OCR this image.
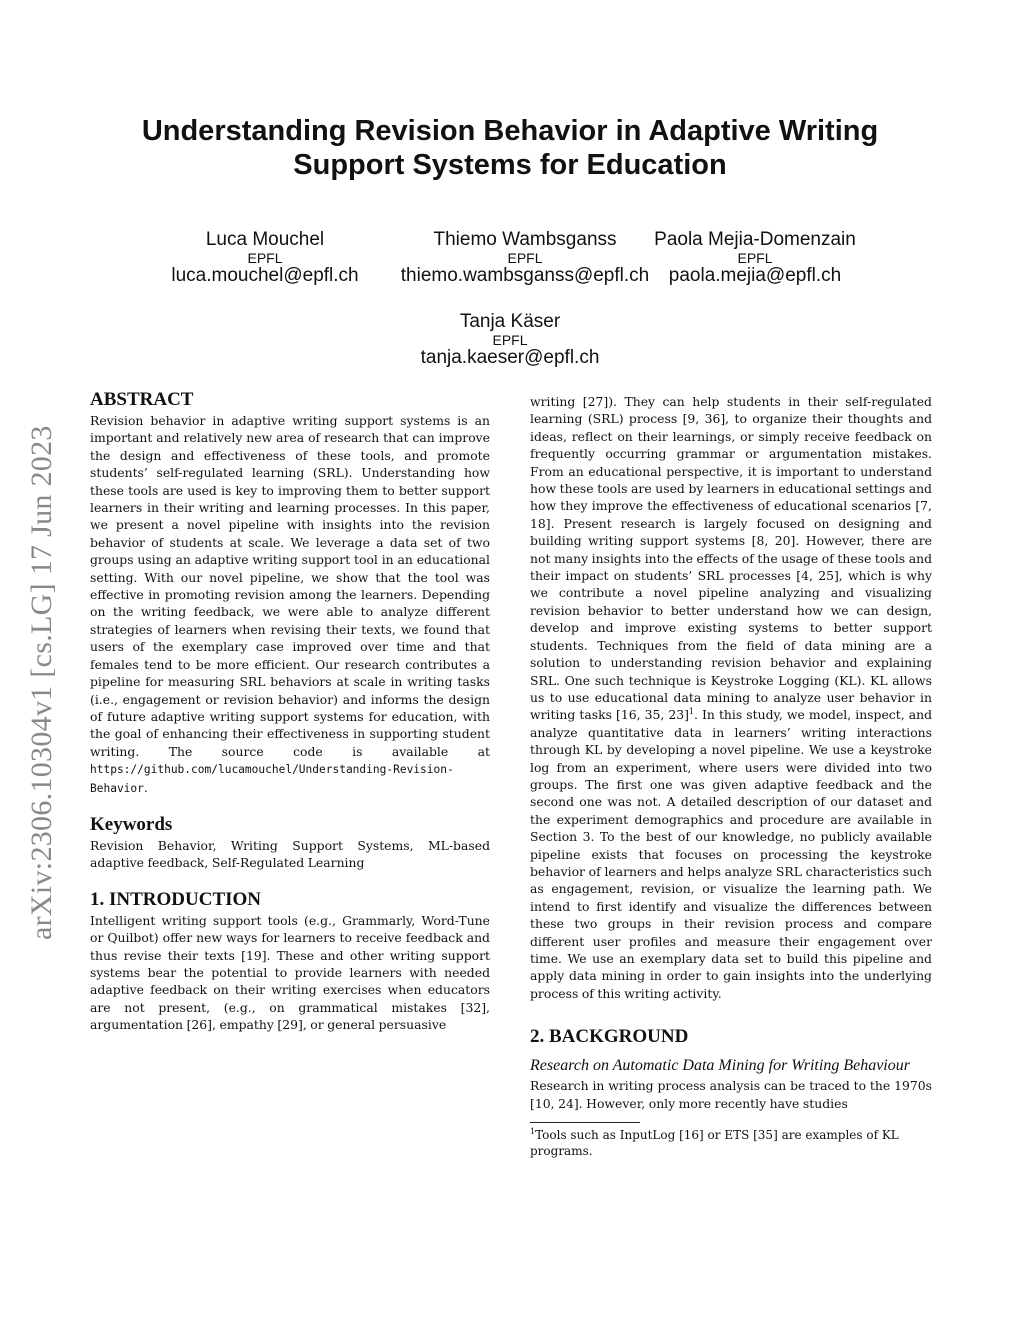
arXiv:2306.10304v1 [cs.LG] 17 Jun 2023
Understanding Revision Behavior in Adaptive Writing Support Systems for Education
Luca Mouchel
EPFL
luca.mouchel@epfl.ch
Thiemo Wambsganss
EPFL
thiemo.wambsganss@epfl.ch
Paola Mejia-Domenzain
EPFL
paola.mejia@epfl.ch
Tanja Käser
EPFL
tanja.kaeser@epfl.ch
ABSTRACT
Revision behavior in adaptive writing support systems is an important and relatively new area of research that can improve the design and effectiveness of these tools, and promote students’ self-regulated learning (SRL). Understanding how these tools are used is key to improving them to better support learners in their writing and learning processes. In this paper, we present a novel pipeline with insights into the revision behavior of students at scale. We leverage a data set of two groups using an adaptive writing support tool in an educational setting. With our novel pipeline, we show that the tool was effective in promoting revision among the learners. Depending on the writing feedback, we were able to analyze different strategies of learners when revising their texts, we found that users of the exemplary case improved over time and that females tend to be more efficient. Our research contributes a pipeline for measuring SRL behaviors at scale in writing tasks (i.e., engagement or revision behavior) and informs the design of future adaptive writing support systems for education, with the goal of enhancing their effectiveness in supporting student writing. The source code is available at https://github.com/lucamouchel/Understanding-Revision-Behavior.
Keywords
Revision Behavior, Writing Support Systems, ML-based adaptive feedback, Self-Regulated Learning
1. INTRODUCTION
Intelligent writing support tools (e.g., Grammarly, Word-Tune or Quilbot) offer new ways for learners to receive feedback and thus revise their texts [19]. These and other writing support systems bear the potential to provide learners with needed adaptive feedback on their writing exercises when educators are not present, (e.g., on grammatical mistakes [32], argumentation [26], empathy [29], or general persuasive
writing [27]). They can help students in their self-regulated learning (SRL) process [9, 36], to organize their thoughts and ideas, reflect on their learnings, or simply receive feedback on frequently occurring grammar or argumentation mistakes. From an educational perspective, it is important to understand how these tools are used by learners in educational settings and how they improve the effectiveness of educational scenarios [7, 18]. Present research is largely focused on designing and building writing support systems [8, 20]. However, there are not many insights into the effects of the usage of these tools and their impact on students’ SRL processes [4, 25], which is why we contribute a novel pipeline analyzing and visualizing revision behavior to better understand how we can design, develop and improve existing systems to better support students. Techniques from the field of data mining are a solution to understanding revision behavior and explaining SRL. One such technique is Keystroke Logging (KL). KL allows us to use educational data mining to analyze user behavior in writing tasks [16, 35, 23]$^1$. In this study, we model, inspect, and analyze quantitative data in learners’ writing interactions through KL by developing a novel pipeline. We use a keystroke log from an experiment, where users were divided into two groups. The first one was given adaptive feedback and the second one was not. A detailed description of our dataset and the experiment demographics and procedure are available in Section 3. To the best of our knowledge, no publicly available pipeline exists that focuses on processing the keystroke behavior of learners and helps analyze SRL characteristics such as engagement, revision, or visualize the learning path. We intend to first identify and visualize the differences between these two groups in their revision process and compare different user profiles and measure their engagement over time. We use an exemplary data set to build this pipeline and apply data mining in order to gain insights into the underlying process of this writing activity.
2. BACKGROUND
Research on Automatic Data Mining for Writing Behaviour
Research in writing process analysis can be traced to the 1970s [10, 24]. However, only more recently have studies
$^1$Tools such as InputLog [16] or ETS [35] are examples of KL programs.
